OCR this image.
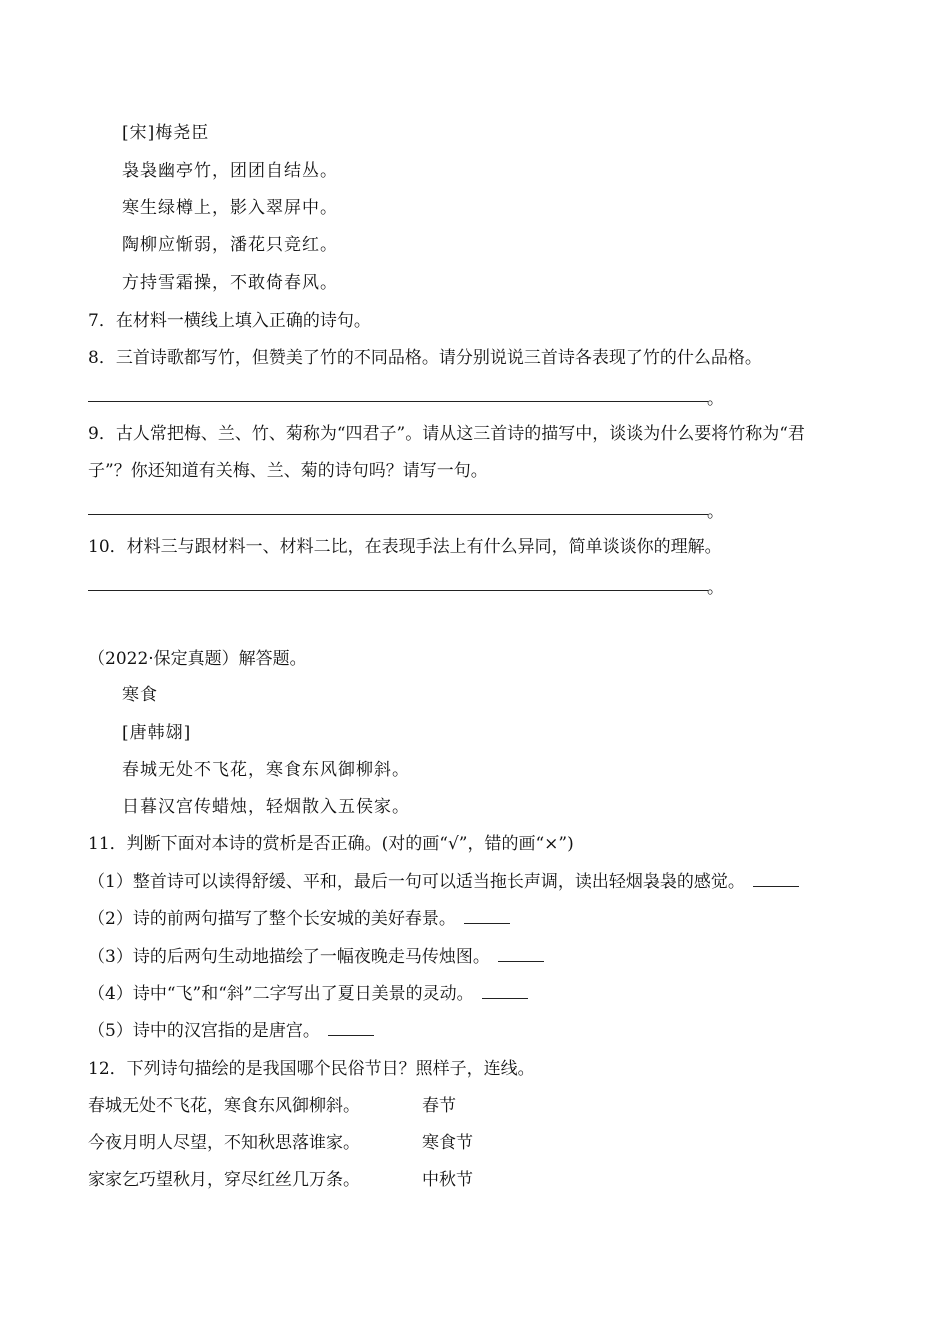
[宋]梅尧臣
袅袅幽亭竹，团团自结丛。
寒生绿樽上，影入翠屏中。
陶柳应惭弱，潘花只竞红。
方持雪霜操，不敢倚春风。
7．在材料一横线上填入正确的诗句。
8．三首诗歌都写竹，但赞美了竹的不同品格。请分别说说三首诗各表现了竹的什么品格。
。
9．古人常把梅、兰、竹、菊称为“四君子”。请从这三首诗的描写中，谈谈为什么要将竹称为“君
子”？你还知道有关梅、兰、菊的诗句吗？请写一句。
。
10．材料三与跟材料一、材料二比，在表现手法上有什么异同，简单谈谈你的理解。
。
（2022·保定真题）解答题。
寒食
[唐韩翃]
春城无处不飞花，寒食东风御柳斜。
日暮汉宫传蜡烛，轻烟散入五侯家。
11．判断下面对本诗的赏析是否正确。(对的画“√”，错的画“×”)
（1）整首诗可以读得舒缓、平和，最后一句可以适当拖长声调，读出轻烟袅袅的感觉。
（2）诗的前两句描写了整个长安城的美好春景。
（3）诗的后两句生动地描绘了一幅夜晚走马传烛图。
（4）诗中“飞”和“斜”二字写出了夏日美景的灵动。
（5）诗中的汉宫指的是唐宫。
12．下列诗句描绘的是我国哪个民俗节日？照样子，连线。
春城无处不飞花，寒食东风御柳斜。	春节
今夜月明人尽望，不知秋思落谁家。	寒食节
家家乞巧望秋月，穿尽红丝几万条。	中秋节
